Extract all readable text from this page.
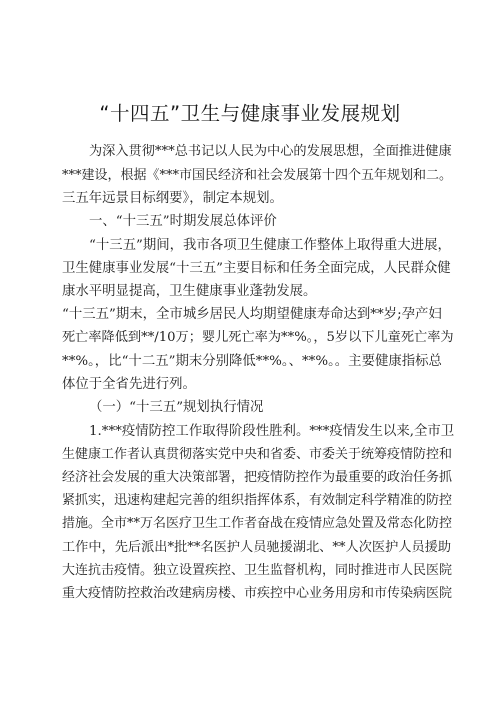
“十四五”卫生与健康事业发展规划
为深入贯彻***总书记以人民为中心的发展思想，全面推进健康
***建设，根据《***市国民经济和社会发展第十四个五年规划和二。
三五年远景目标纲要》，制定本规划。
一、“十三五”时期发展总体评价
“十三五”期间，我市各项卫生健康工作整体上取得重大进展，
卫生健康事业发展“十三五”主要目标和任务全面完成，人民群众健
康水平明显提高，卫生健康事业蓬勃发展。
“十三五”期末，全市城乡居民人均期望健康寿命达到**岁;孕产妇
死亡率降低到**/10万；婴儿死亡率为**%。，5岁以下儿童死亡率为
**%。，比“十二五”期末分别降低**%。、**%。。主要健康指标总
体位于全省先进行列。
（一）“十三五”规划执行情况
1.***疫情防控工作取得阶段性胜利。***疫情发生以来,全市卫
生健康工作者认真贯彻落实党中央和省委、市委关于统筹疫情防控和
经济社会发展的重大决策部署，把疫情防控作为最重要的政治任务抓
紧抓实，迅速构建起完善的组织指挥体系，有效制定科学精准的防控
措施。全市**万名医疗卫生工作者奋战在疫情应急处置及常态化防控
工作中，先后派出*批**名医护人员驰援湖北、**人次医护人员援助
大连抗击疫情。独立设置疾控、卫生监督机构，同时推进市人民医院
重大疫情防控救治改建病房楼、市疾控中心业务用房和市传染病医院
